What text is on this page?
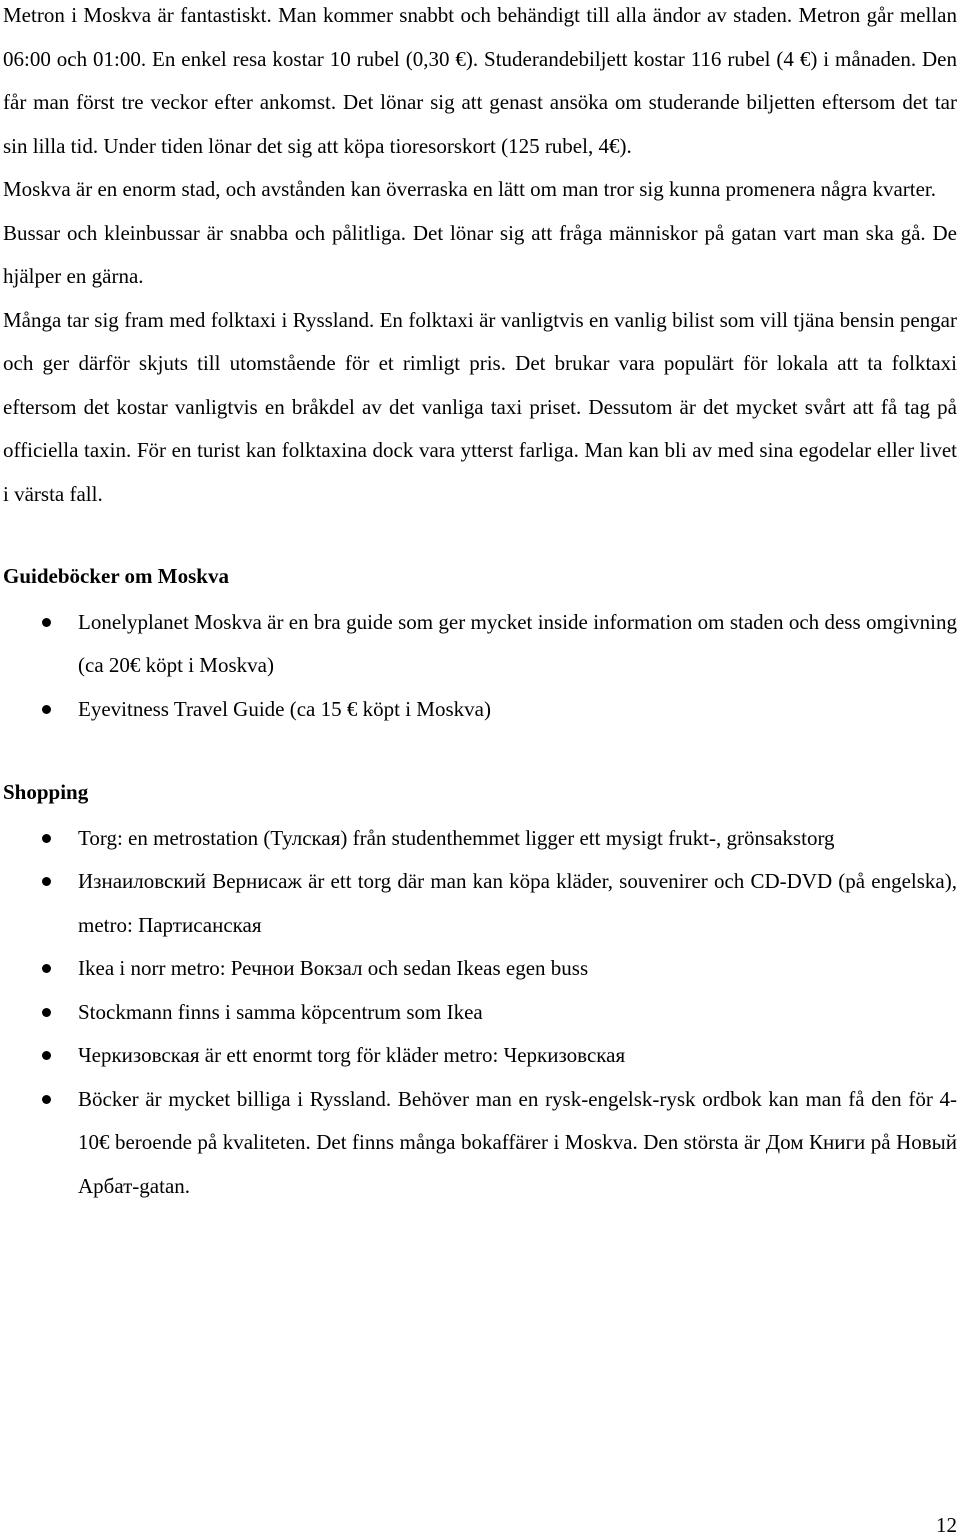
Metron i Moskva är fantastiskt. Man kommer snabbt och behändigt till alla ändor av staden. Metron går mellan 06:00 och 01:00. En enkel resa kostar 10 rubel (0,30 €). Studerandebiljett kostar 116 rubel (4 €) i månaden. Den får man först tre veckor efter ankomst. Det lönar sig att genast ansöka om studerande biljetten eftersom det tar sin lilla tid. Under tiden lönar det sig att köpa tioresorskort (125 rubel, 4€).

Moskva är en enorm stad, och avstånden kan överraska en lätt om man tror sig kunna promenera några kvarter.

Bussar och kleinbussar är snabba och pålitliga. Det lönar sig att fråga människor på gatan vart man ska gå. De hjälper en gärna.

Många tar sig fram med folktaxi i Ryssland. En folktaxi är vanligtvis en vanlig bilist som vill tjäna bensin pengar och ger därför skjuts till utomstående för et rimligt pris. Det brukar vara populärt för lokala att ta folktaxi eftersom det kostar vanligtvis en bråkdel av det vanliga taxi priset. Dessutom är det mycket svårt att få tag på officiella taxin. För en turist kan folktaxina dock vara ytterst farliga. Man kan bli av med sina egodelar eller livet i värsta fall.

Guideböcker om Moskva
Lonelyplanet Moskva är en bra guide som ger mycket inside information om staden och dess omgivning (ca 20€ köpt i Moskva)
Eyevitness Travel Guide (ca 15 € köpt i Moskva)
Shopping
Torg: en metrostation (Тулская) från studenthemmet ligger ett mysigt frukt-, grönsakstorg
Изнаиловский Вернисаж är ett torg där man kan köpa kläder, souvenirer och CD-DVD (på engelska), metro: Партисанская
Ikea i norr metro: Речнои Вокзал och sedan Ikeas egen buss
Stockmann finns i samma köpcentrum som Ikea
Черкизовская är ett enormt torg för kläder metro: Черкизовская
Böcker är mycket billiga i Ryssland. Behöver man en rysk-engelsk-rysk ordbok kan man få den för 4-10€ beroende på kvaliteten. Det finns många bokaffärer i Moskva. Den största är Дом Книги på Новый Арбат-gatan.
12
